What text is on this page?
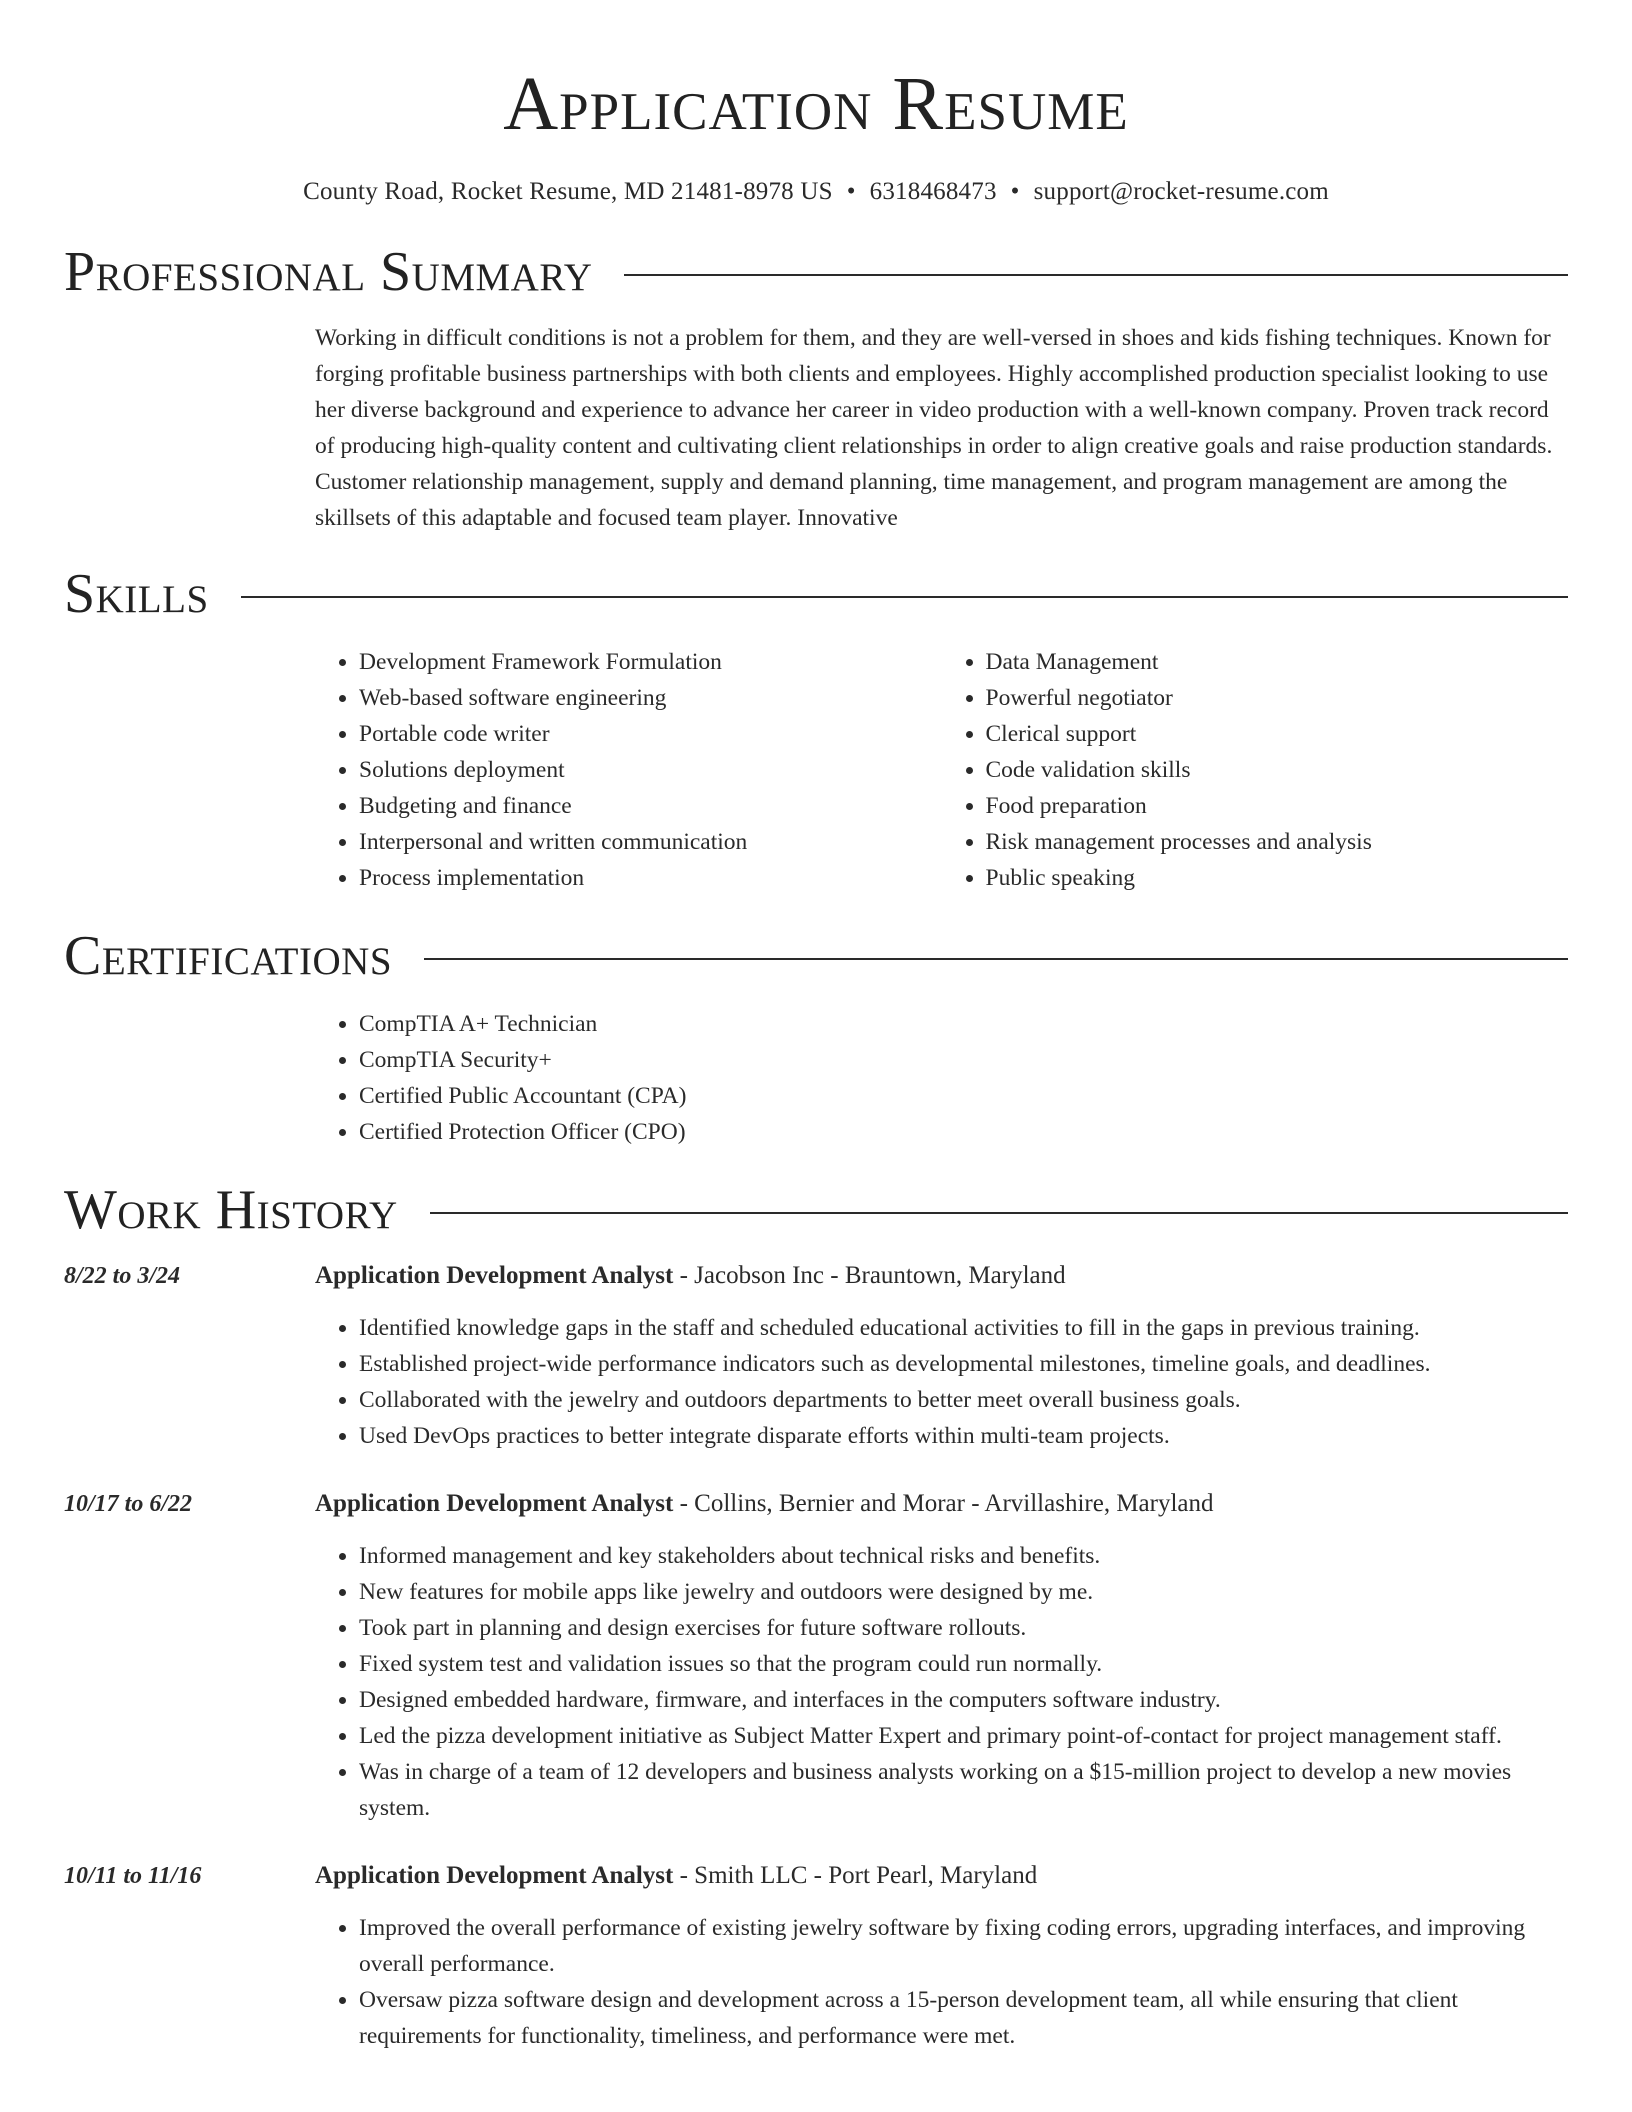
Application Resume
County Road, Rocket Resume, MD 21481-8978 US • 6318468473 • support@rocket-resume.com
Professional Summary

Working in difficult conditions is not a problem for them, and they are well-versed in shoes and kids fishing techniques. Known for forging profitable business partnerships with both clients and employees. Highly accomplished production specialist looking to use her diverse background and experience to advance her career in video production with a well-known company. Proven track record of producing high-quality content and cultivating client relationships in order to align creative goals and raise production standards. Customer relationship management, supply and demand planning, time management, and program management are among the skillsets of this adaptable and focused team player. Innovative

Skills
• Development Framework Formulation
• Web-based software engineering
• Portable code writer
• Solutions deployment
• Budgeting and finance
• Interpersonal and written communication
• Process implementation
• Data Management
• Powerful negotiator
• Clerical support
• Code validation skills
• Food preparation
• Risk management processes and analysis
• Public speaking
Certifications
• CompTIA A+ Technician
• CompTIA Security+
• Certified Public Accountant (CPA)
• Certified Protection Officer (CPO)
Work History
8/22 to 3/24	Application Development Analyst - Jacobson Inc - Brauntown, Maryland
• Identified knowledge gaps in the staff and scheduled educational activities to fill in the gaps in previous training.
• Established project-wide performance indicators such as developmental milestones, timeline goals, and deadlines.
• Collaborated with the jewelry and outdoors departments to better meet overall business goals.
• Used DevOps practices to better integrate disparate efforts within multi-team projects.
10/17 to 6/22	Application Development Analyst - Collins, Bernier and Morar - Arvillashire, Maryland
• Informed management and key stakeholders about technical risks and benefits.
• New features for mobile apps like jewelry and outdoors were designed by me.
• Took part in planning and design exercises for future software rollouts.
• Fixed system test and validation issues so that the program could run normally.
• Designed embedded hardware, firmware, and interfaces in the computers software industry.
• Led the pizza development initiative as Subject Matter Expert and primary point-of-contact for project management staff.
• Was in charge of a team of 12 developers and business analysts working on a $15-million project to develop a new movies system.
10/11 to 11/16	Application Development Analyst - Smith LLC - Port Pearl, Maryland
• Improved the overall performance of existing jewelry software by fixing coding errors, upgrading interfaces, and improving overall performance.
• Oversaw pizza software design and development across a 15-person development team, all while ensuring that client requirements for functionality, timeliness, and performance were met.
